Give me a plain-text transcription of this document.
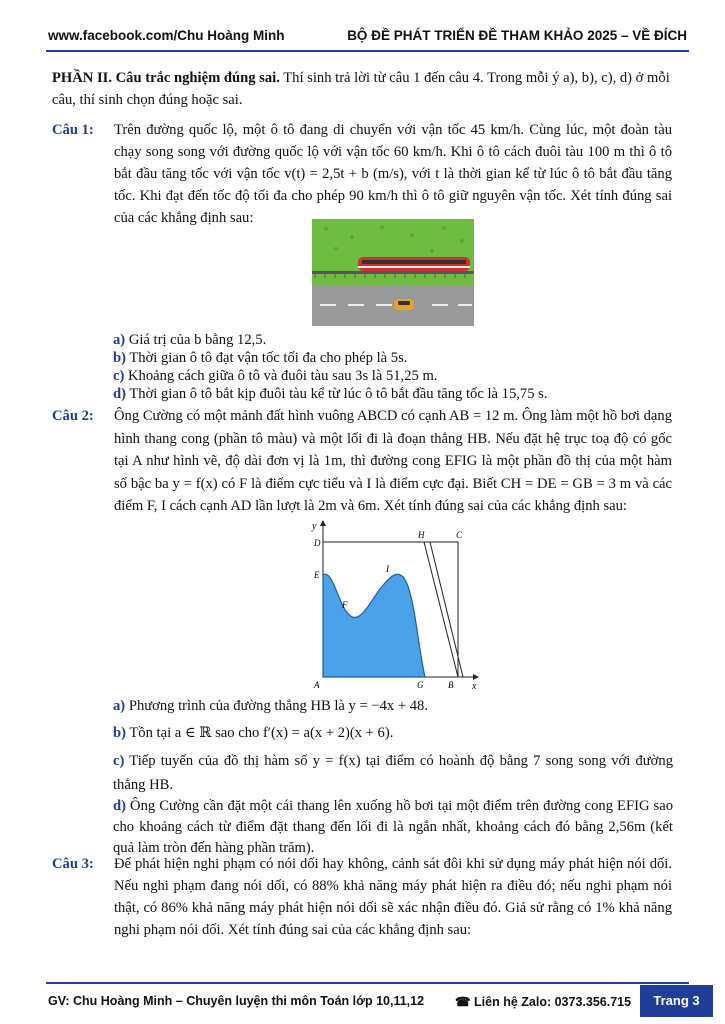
www.facebook.com/Chu Hoàng Minh	BỘ ĐỀ PHÁT TRIỂN ĐỀ THAM KHẢO 2025 – VỀ ĐÍCH
PHẦN II. Câu trắc nghiệm đúng sai. Thí sinh trả lời từ câu 1 đến câu 4. Trong mỗi ý a), b), c), d) ở mỗi câu, thí sinh chọn đúng hoặc sai.
Câu 1: Trên đường quốc lộ, một ô tô đang di chuyển với vận tốc 45 km/h. Cùng lúc, một đoàn tàu chạy song song với đường quốc lộ với vận tốc 60 km/h. Khi ô tô cách đuôi tàu 100 m thì ô tô bắt đầu tăng tốc với vận tốc v(t) = 2,5t + b (m/s), với t là thời gian kể từ lúc ô tô bắt đầu tăng tốc. Khi đạt đến tốc độ tối đa cho phép 90 km/h thì ô tô giữ nguyên vận tốc. Xét tính đúng sai của các khẳng định sau:
a) Giá trị của b bằng 12,5.
b) Thời gian ô tô đạt vận tốc tối đa cho phép là 5s.
c) Khoảng cách giữa ô tô và đuôi tàu sau 3s là 51,25 m.
d) Thời gian ô tô bắt kịp đuôi tàu kể từ lúc ô tô bắt đầu tăng tốc là 15,75 s.
Câu 2: Ông Cường có một mảnh đất hình vuông ABCD có cạnh AB = 12 m. Ông làm một hồ bơi dạng hình thang cong (phần tô màu) và một lối đi là đoạn thẳng HB. Nếu đặt hệ trục toạ độ có gốc tại A như hình vẽ, độ dài đơn vị là 1m, thì đường cong EFIG là một phần đồ thị của một hàm số bậc ba y = f(x) có F là điểm cực tiểu và I là điểm cực đại. Biết CH = DE = GB = 3 m và các điểm F, I cách cạnh AD lần lượt là 2m và 6m. Xét tính đúng sai của các khẳng định sau:
y
x
D
H	C
E
I
F
A	G	B
a) Phương trình của đường thẳng HB là y = −4x + 48.
b) Tồn tại a ∈ ℝ sao cho f′(x) = a(x + 2)(x + 6).
c) Tiếp tuyến của đồ thị hàm số y = f(x) tại điểm có hoành độ bằng 7 song song với đường thẳng HB.
d) Ông Cường cần đặt một cái thang lên xuống hồ bơi tại một điểm trên đường cong EFIG sao cho khoảng cách từ điểm đặt thang đến lối đi là ngắn nhất, khoảng cách đó bằng 2,56m (kết quả làm tròn đến hàng phần trăm).
Câu 3: Để phát hiện nghi phạm có nói dối hay không, cảnh sát đôi khi sử dụng máy phát hiện nói dối. Nếu nghi phạm đang nói dối, có 88% khả năng máy phát hiện ra điều đó; nếu nghi phạm nói thật, có 86% khả năng máy phát hiện nói dối sẽ xác nhận điều đó. Giả sử rằng có 1% khả năng nghi phạm nói dối. Xét tính đúng sai của các khẳng định sau:
GV: Chu Hoàng Minh – Chuyên luyện thi môn Toán lớp 10,11,12 ☎ Liên hệ Zalo: 0373.356.715	Trang 3
